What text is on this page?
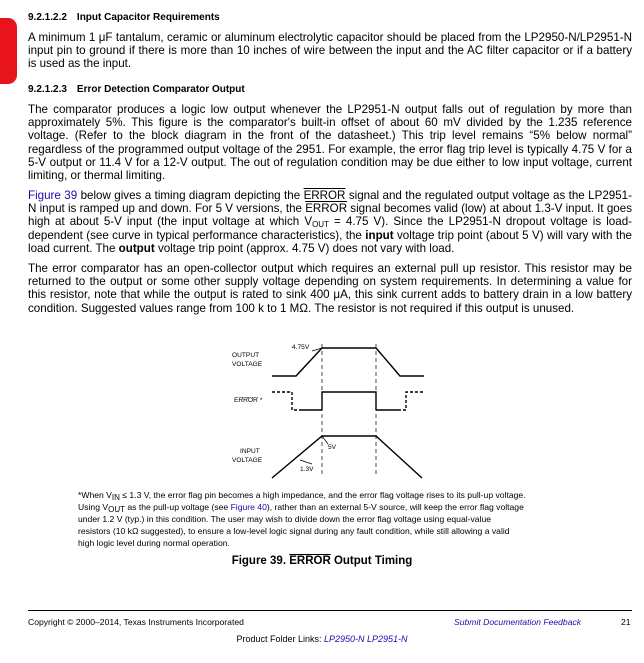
9.2.1.2.2 Input Capacitor Requirements
A minimum 1 μF tantalum, ceramic or aluminum electrolytic capacitor should be placed from the LP2950-N/LP2951-N input pin to ground if there is more than 10 inches of wire between the input and the AC filter capacitor or if a battery is used as the input.
9.2.1.2.3 Error Detection Comparator Output
The comparator produces a logic low output whenever the LP2951-N output falls out of regulation by more than approximately 5%. This figure is the comparator's built-in offset of about 60 mV divided by the 1.235 reference voltage. (Refer to the block diagram in the front of the datasheet.) This trip level remains “5% below normal” regardless of the programmed output voltage of the 2951. For example, the error flag trip level is typically 4.75 V for a 5-V output or 11.4 V for a 12-V output. The out of regulation condition may be due either to low input voltage, current limiting, or thermal limiting.
Figure 39 below gives a timing diagram depicting the ERROR signal and the regulated output voltage as the LP2951-N input is ramped up and down. For 5 V versions, the ERROR signal becomes valid (low) at about 1.3-V input. It goes high at about 5-V input (the input voltage at which $V_{OUT} = 4.75$ V). Since the LP2951-N dropout voltage is load-dependent (see curve in typical performance characteristics), the input voltage trip point (about 5 V) will vary with the load current. The output voltage trip point (approx. 4.75 V) does not vary with load.
The error comparator has an open-collector output which requires an external pull up resistor. This resistor may be returned to the output or some other supply voltage depending on system requirements. In determining a value for this resistor, note that while the output is rated to sink 400 μA, this sink current adds to battery drain in a low battery condition. Suggested values range from 100 k to 1 MΩ. The resistor is not required if this output is unused.
OUTPUT
VOLTAGE
ERROR *
INPUT
VOLTAGE
4.75V
5V
1.3V
*When $V_{IN} \le 1.3$ V, the error flag pin becomes a high impedance, and the error flag voltage rises to its pull-up voltage.
Using $V_{OUT}$ as the pull-up voltage (see Figure 40), rather than an external 5-V source, will keep the error flag voltage
under 1.2 V (typ.) in this condition. The user may wish to divide down the error flag voltage using equal-value
resistors (10 kΩ suggested), to ensure a low-level logic signal during any fault condition, while still allowing a valid
high logic level during normal operation.
Figure 39. ERROR Output Timing
Copyright © 2000–2014, Texas Instruments Incorporated	Submit Documentation Feedback	21
Product Folder Links: LP2950-N LP2951-N
